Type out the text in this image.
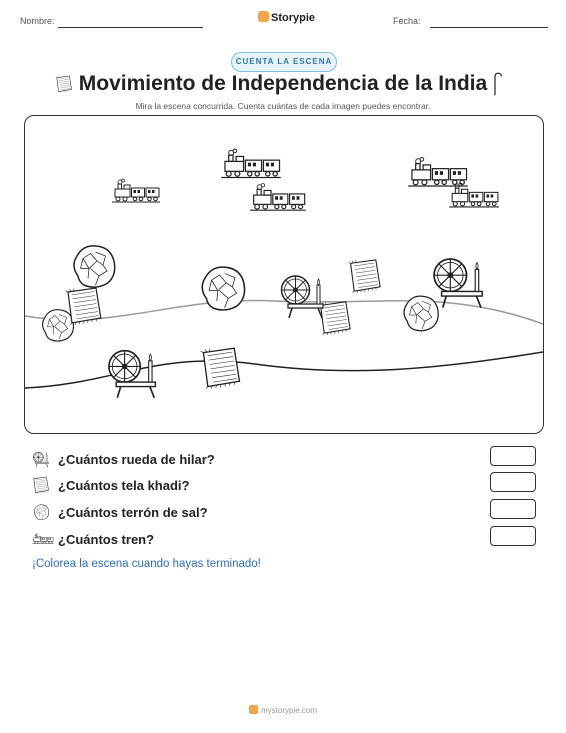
Nombre:	Storypie	Fecha:
CUENTA LA ESCENA
Movimiento de Independencia de la India
Mira la escena concurrida. Cuenta cuántas de cada imagen puedes encontrar.
¿Cuántos rueda de hilar?
¿Cuántos tela khadi?
¿Cuántos terrón de sal?
¿Cuántos tren?
¡Colorea la escena cuando hayas terminado!
mystorypie.com
